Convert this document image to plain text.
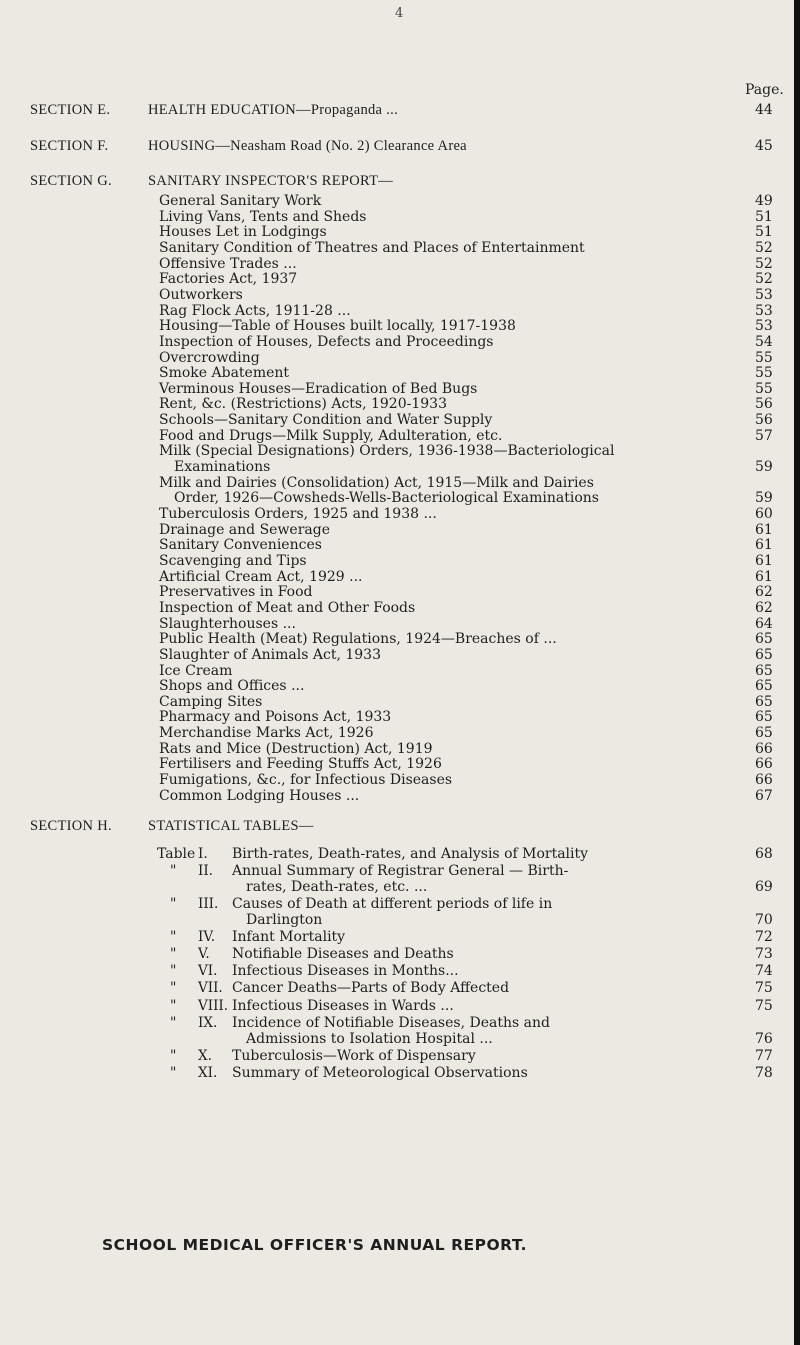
4
Page.
SECTION E.	HEALTH EDUCATION—Propaganda ...	44
SECTION F.	HOUSING—Neasham Road (No. 2) Clearance Area	45
SECTION G. SANITARY INSPECTOR'S REPORT—
General Sanitary Work	49
Living Vans, Tents and Sheds	51
Houses Let in Lodgings	51
Sanitary Condition of Theatres and Places of Entertainment	52
Offensive Trades ...	52
Factories Act, 1937	52
Outworkers	53
Rag Flock Acts, 1911-28 ...	53
Housing—Table of Houses built locally, 1917-1938	53
Inspection of Houses, Defects and Proceedings	54
Overcrowding	55
Smoke Abatement	55
Verminous Houses—Eradication of Bed Bugs	55
Rent, &c. (Restrictions) Acts, 1920-1933	56
Schools—Sanitary Condition and Water Supply	56
Food and Drugs—Milk Supply, Adulteration, etc.	57
Milk (Special Designations) Orders, 1936-1938—Bacteriological
Examinations	59
Milk and Dairies (Consolidation) Act, 1915—Milk and Dairies
Order, 1926—Cowsheds-Wells-Bacteriological Examinations	59
Tuberculosis Orders, 1925 and 1938 ...	60
Drainage and Sewerage	61
Sanitary Conveniences	61
Scavenging and Tips	61
Artificial Cream Act, 1929 ...	61
Preservatives in Food	62
Inspection of Meat and Other Foods	62
Slaughterhouses ...	64
Public Health (Meat) Regulations, 1924—Breaches of ...	65
Slaughter of Animals Act, 1933	65
Ice Cream	65
Shops and Offices ...	65
Camping Sites	65
Pharmacy and Poisons Act, 1933	65
Merchandise Marks Act, 1926	65
Rats and Mice (Destruction) Act, 1919	66
Fertilisers and Feeding Stuffs Act, 1926	66
Fumigations, &c., for Infectious Diseases	66
Common Lodging Houses ...	67
SECTION H. STATISTICAL TABLES—
Table I. Birth-rates, Death-rates, and Analysis of Mortality	68
" II. Annual Summary of Registrar General — Birth-
rates, Death-rates, etc. ...	69
" III. Causes of Death at different periods of life in
Darlington	70
" IV. Infant Mortality	72
" V. Notifiable Diseases and Deaths	73
" VI. Infectious Diseases in Months...	74
" VII. Cancer Deaths—Parts of Body Affected	75
" VIII. Infectious Diseases in Wards ...	75
" IX. Incidence of Notifiable Diseases, Deaths and
Admissions to Isolation Hospital ...	76
" X. Tuberculosis—Work of Dispensary	77
" XI. Summary of Meteorological Observations	78
SCHOOL MEDICAL OFFICER'S ANNUAL REPORT.
